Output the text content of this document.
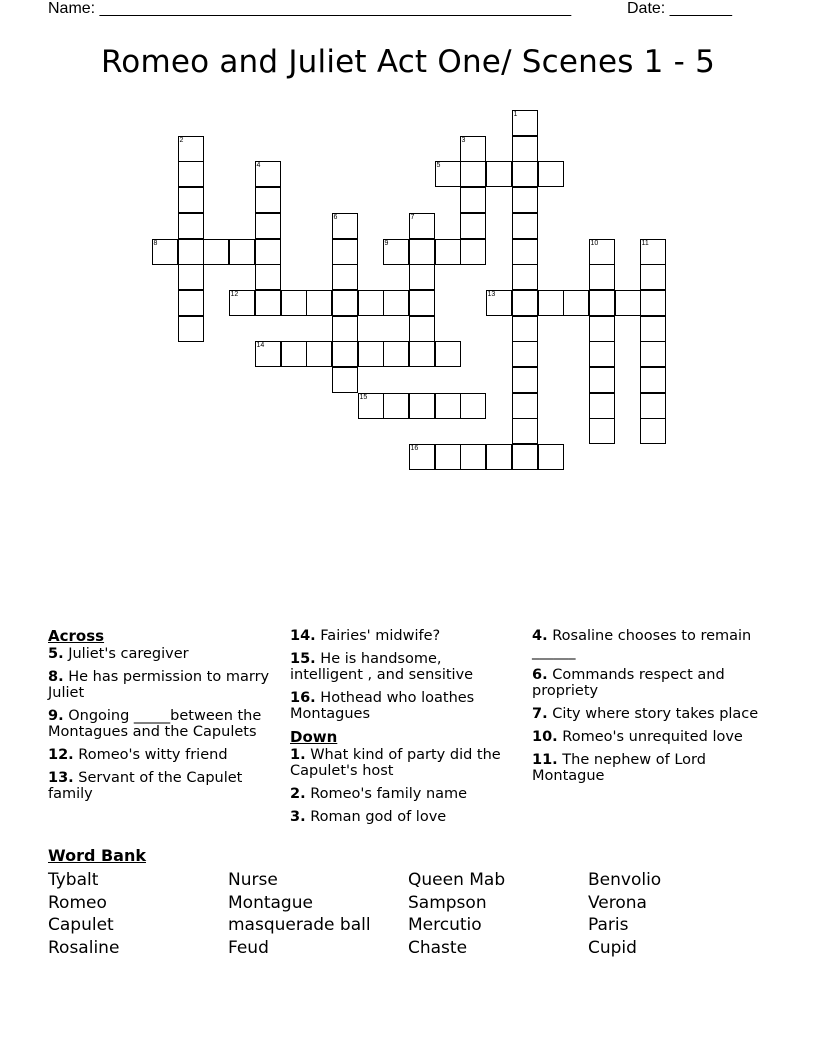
Name: _____________________________________________________	Date: _______
Romeo and Juliet Act One/ Scenes 1 - 5
1
2	3
4	5
6	7
8	9	10	11
12	13
14
15
16
Across
5. Juliet's caregiver
8. He has permission to marry Juliet
9. Ongoing _____between the Montagues and the Capulets
12. Romeo's witty friend
13. Servant of the Capulet family
14. Fairies' midwife?
15. He is handsome, intelligent , and sensitive
16. Hothead who loathes Montagues
Down
1. What kind of party did the Capulet's host
2. Romeo's family name
3. Roman god of love
4. Rosaline chooses to remain ______
6. Commands respect and propriety
7. City where story takes place
10. Romeo's unrequited love
11. The nephew of Lord Montague
Word Bank
Tybalt
Romeo
Capulet
Rosaline
Nurse
Montague
masquerade ball
Feud
Queen Mab
Sampson
Mercutio
Chaste
Benvolio
Verona
Paris
Cupid
